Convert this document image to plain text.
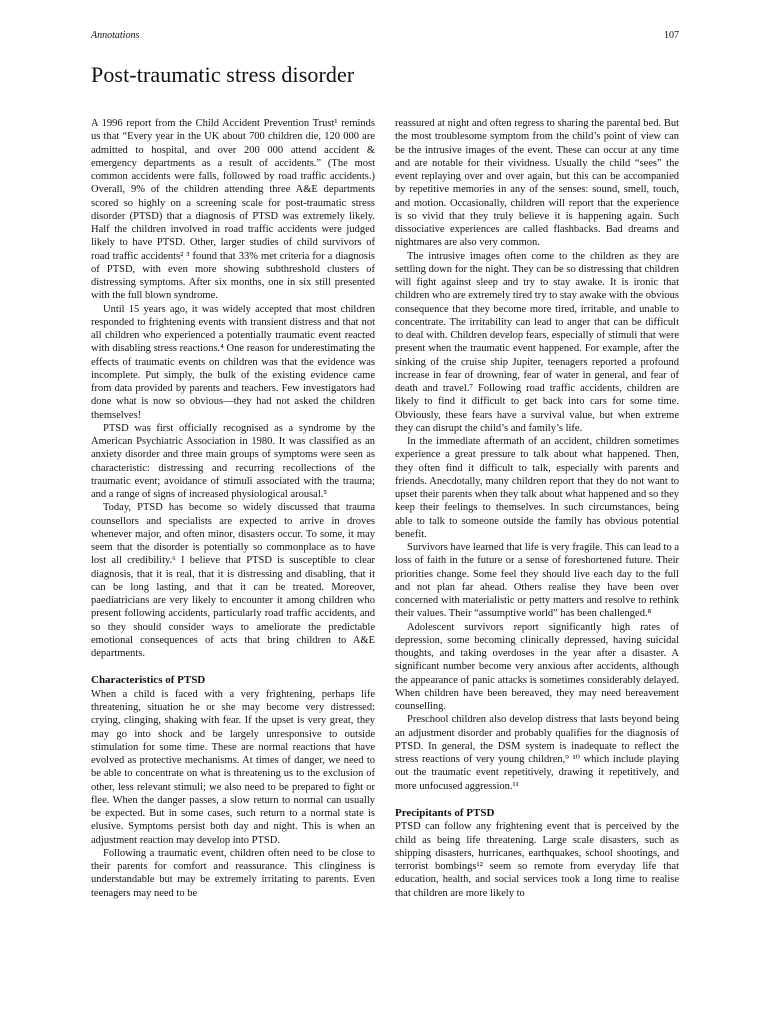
Annotations	107
Post-traumatic stress disorder

A 1996 report from the Child Accident Prevention Trust¹ reminds us that “Every year in the UK about 700 children die, 120 000 are admitted to hospital, and over 200 000 attend accident & emergency departments as a result of accidents.” (The most common accidents were falls, followed by road traffic accidents.) Overall, 9% of the children attending three A&E departments scored so highly on a screening scale for post-traumatic stress disorder (PTSD) that a diagnosis of PTSD was extremely likely. Half the children involved in road traffic accidents were judged likely to have PTSD. Other, larger studies of child survivors of road traffic accidents² ³ found that 33% met criteria for a diagnosis of PTSD, with even more showing subthreshold clusters of distressing symptoms. After six months, one in six still presented with the full blown syndrome.

Until 15 years ago, it was widely accepted that most children responded to frightening events with transient distress and that not all children who experienced a potentially traumatic event reacted with disabling stress reactions.⁴ One reason for underestimating the effects of traumatic events on children was that the evidence was incomplete. Put simply, the bulk of the existing evidence came from data provided by parents and teachers. Few investigators had done what is now so obvious—they had not asked the children themselves!

PTSD was first officially recognised as a syndrome by the American Psychiatric Association in 1980. It was classified as an anxiety disorder and three main groups of symptoms were seen as characteristic: distressing and recurring recollections of the traumatic event; avoidance of stimuli associated with the trauma; and a range of signs of increased physiological arousal.⁵

Today, PTSD has become so widely discussed that trauma counsellors and specialists are expected to arrive in droves whenever major, and often minor, disasters occur. To some, it may seem that the disorder is potentially so commonplace as to have lost all credibility.⁶ I believe that PTSD is susceptible to clear diagnosis, that it is real, that it is distressing and disabling, that it can be long lasting, and that it can be treated. Moreover, paediatricians are very likely to encounter it among children who present following accidents, particularly road traffic accidents, and so they should consider ways to ameliorate the predictable emotional consequences of acts that bring children to A&E departments.

Characteristics of PTSD

When a child is faced with a very frightening, perhaps life threatening, situation he or she may become very distressed: crying, clinging, shaking with fear. If the upset is very great, they may go into shock and be largely unresponsive to outside stimulation for some time. These are normal reactions that have evolved as protective mechanisms. At times of danger, we need to be able to concentrate on what is threatening us to the exclusion of other, less relevant stimuli; we also need to be prepared to fight or flee. When the danger passes, a slow return to normal can usually be expected. But in some cases, such return to a normal state is elusive. Symptoms persist both day and night. This is when an adjustment reaction may develop into PTSD.

Following a traumatic event, children often need to be close to their parents for comfort and reassurance. This clinginess is understandable but may be extremely irritating to parents. Even teenagers may need to be

reassured at night and often regress to sharing the parental bed. But the most troublesome symptom from the child’s point of view can be the intrusive images of the event. These can occur at any time and are notable for their vividness. Usually the child “sees” the event replaying over and over again, but this can be accompanied by repetitive memories in any of the senses: sound, smell, touch, and motion. Occasionally, children will report that the experience is so vivid that they truly believe it is happening again. Such dissociative experiences are called flashbacks. Bad dreams and nightmares are also very common.

The intrusive images often come to the children as they are settling down for the night. They can be so distressing that children will fight against sleep and try to stay awake. It is ironic that children who are extremely tired try to stay awake with the obvious consequence that they become more tired, irritable, and unable to concentrate. The irritability can lead to anger that can be difficult to deal with. Children develop fears, especially of stimuli that were present when the traumatic event happened. For example, after the sinking of the cruise ship Jupiter, teenagers reported a profound increase in fear of drowning, fear of water in general, and fear of death and travel.⁷ Following road traffic accidents, children are likely to find it difficult to get back into cars for some time. Obviously, these fears have a survival value, but when extreme they can disrupt the child’s and family’s life.

In the immediate aftermath of an accident, children sometimes experience a great pressure to talk about what happened. Then, they often find it difficult to talk, especially with parents and friends. Anecdotally, many children report that they do not want to upset their parents when they talk about what happened and so they keep their feelings to themselves. In such circumstances, being able to talk to someone outside the family has obvious potential benefit.

Survivors have learned that life is very fragile. This can lead to a loss of faith in the future or a sense of foreshortened future. Their priorities change. Some feel they should live each day to the full and not plan far ahead. Others realise they have been over concerned with materialistic or petty matters and resolve to rethink their values. Their “assumptive world” has been challenged.⁸

Adolescent survivors report significantly high rates of depression, some becoming clinically depressed, having suicidal thoughts, and taking overdoses in the year after a disaster. A significant number become very anxious after accidents, although the appearance of panic attacks is sometimes considerably delayed. When children have been bereaved, they may need bereavement counselling.

Preschool children also develop distress that lasts beyond being an adjustment disorder and probably qualifies for the diagnosis of PTSD. In general, the DSM system is inadequate to reflect the stress reactions of very young children,⁹ ¹⁰ which include playing out the traumatic event repetitively, drawing it repetitively, and more unfocused aggression.¹¹

Precipitants of PTSD

PTSD can follow any frightening event that is perceived by the child as being life threatening. Large scale disasters, such as shipping disasters, hurricanes, earthquakes, school shootings, and terrorist bombings¹² seem so remote from everyday life that education, health, and social services took a long time to realise that children are more likely to
